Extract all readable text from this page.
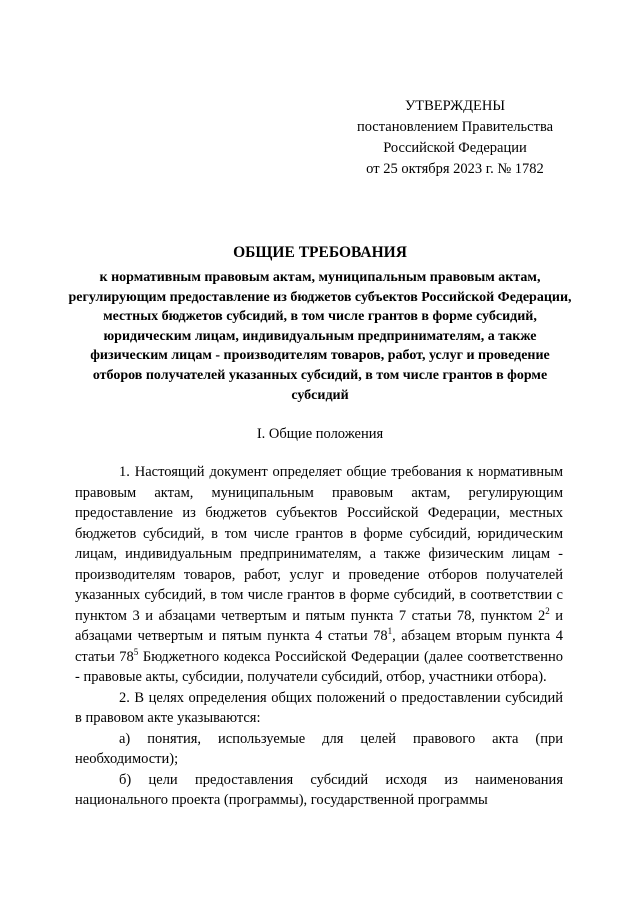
УТВЕРЖДЕНЫ
постановлением Правительства
Российской Федерации
от 25 октября 2023 г. № 1782
ОБЩИЕ ТРЕБОВАНИЯ
к нормативным правовым актам, муниципальным правовым актам, регулирующим предоставление из бюджетов субъектов Российской Федерации, местных бюджетов субсидий, в том числе грантов в форме субсидий, юридическим лицам, индивидуальным предпринимателям, а также физическим лицам - производителям товаров, работ, услуг и проведение отборов получателей указанных субсидий, в том числе грантов в форме субсидий
I. Общие положения

1. Настоящий документ определяет общие требования к нормативным правовым актам, муниципальным правовым актам, регулирующим предоставление из бюджетов субъектов Российской Федерации, местных бюджетов субсидий, в том числе грантов в форме субсидий, юридическим лицам, индивидуальным предпринимателям, а также физическим лицам - производителям товаров, работ, услуг и проведение отборов получателей указанных субсидий, в том числе грантов в форме субсидий, в соответствии с пунктом 3 и абзацами четвертым и пятым пункта 7 статьи 78, пунктом $2^2$ и абзацами четвертым и пятым пункта 4 статьи $78^1$, абзацем вторым пункта 4 статьи $78^5$ Бюджетного кодекса Российской Федерации (далее соответственно - правовые акты, субсидии, получатели субсидий, отбор, участники отбора).

2. В целях определения общих положений о предоставлении субсидий в правовом акте указываются:

а) понятия, используемые для целей правового акта (при необходимости);

б) цели предоставления субсидий исходя из наименования национального проекта (программы), государственной программы
